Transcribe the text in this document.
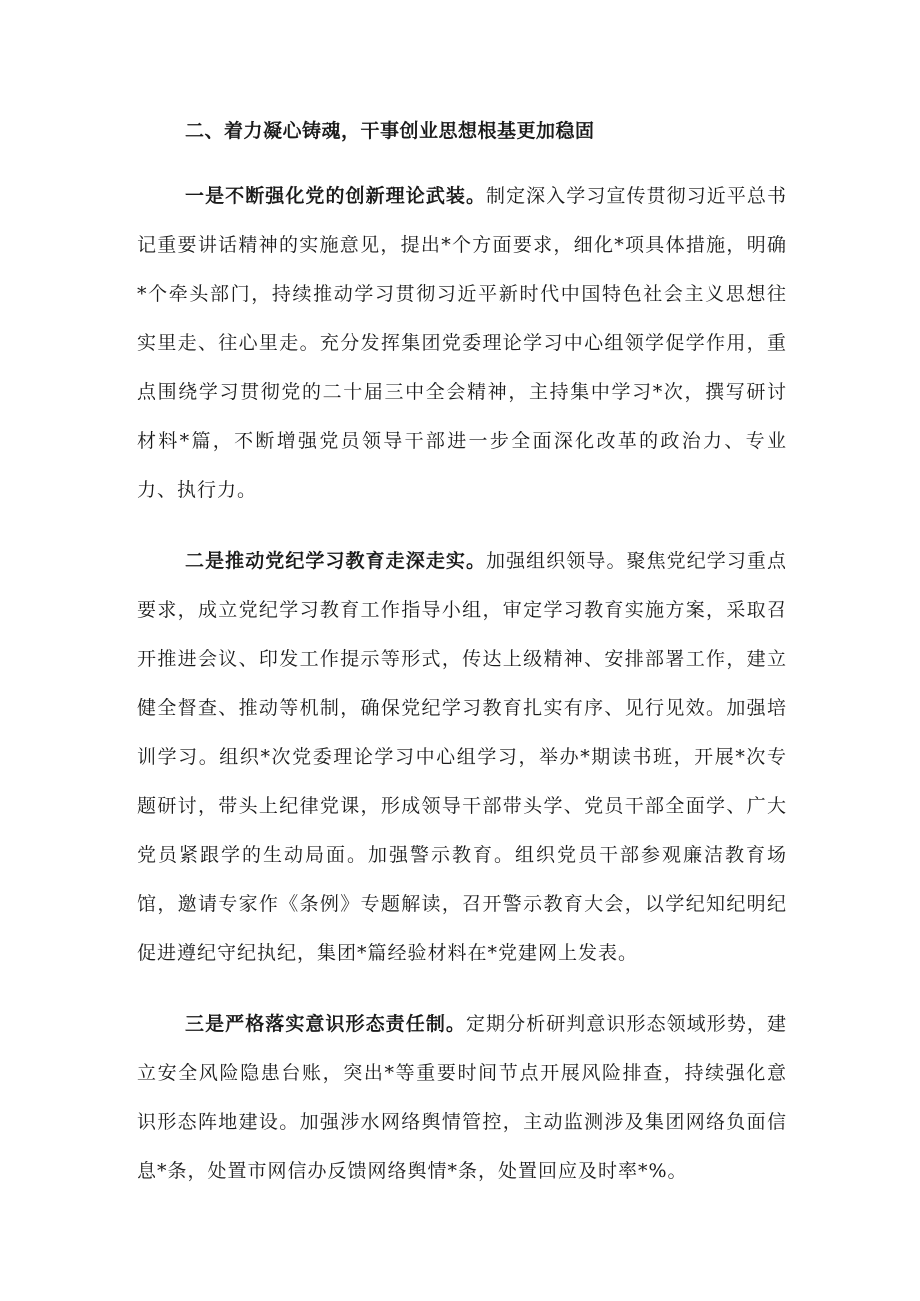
二、着力凝心铸魂，干事创业思想根基更加稳固

一是不断强化党的创新理论武装。制定深入学习宣传贯彻习近平总书记重要讲话精神的实施意见，提出*个方面要求，细化*项具体措施，明确*个牵头部门，持续推动学习贯彻习近平新时代中国特色社会主义思想往实里走、往心里走。充分发挥集团党委理论学习中心组领学促学作用，重点围绕学习贯彻党的二十届三中全会精神，主持集中学习*次，撰写研讨材料*篇，不断增强党员领导干部进一步全面深化改革的政治力、专业力、执行力。

二是推动党纪学习教育走深走实。加强组织领导。聚焦党纪学习重点要求，成立党纪学习教育工作指导小组，审定学习教育实施方案，采取召开推进会议、印发工作提示等形式，传达上级精神、安排部署工作，建立健全督查、推动等机制，确保党纪学习教育扎实有序、见行见效。加强培训学习。组织*次党委理论学习中心组学习，举办*期读书班，开展*次专题研讨，带头上纪律党课，形成领导干部带头学、党员干部全面学、广大党员紧跟学的生动局面。加强警示教育。组织党员干部参观廉洁教育场馆，邀请专家作《条例》专题解读，召开警示教育大会，以学纪知纪明纪促进遵纪守纪执纪，集团*篇经验材料在*党建网上发表。

三是严格落实意识形态责任制。定期分析研判意识形态领域形势，建立安全风险隐患台账，突出*等重要时间节点开展风险排查，持续强化意识形态阵地建设。加强涉水网络舆情管控，主动监测涉及集团网络负面信息*条，处置市网信办反馈网络舆情*条，处置回应及时率*%。
